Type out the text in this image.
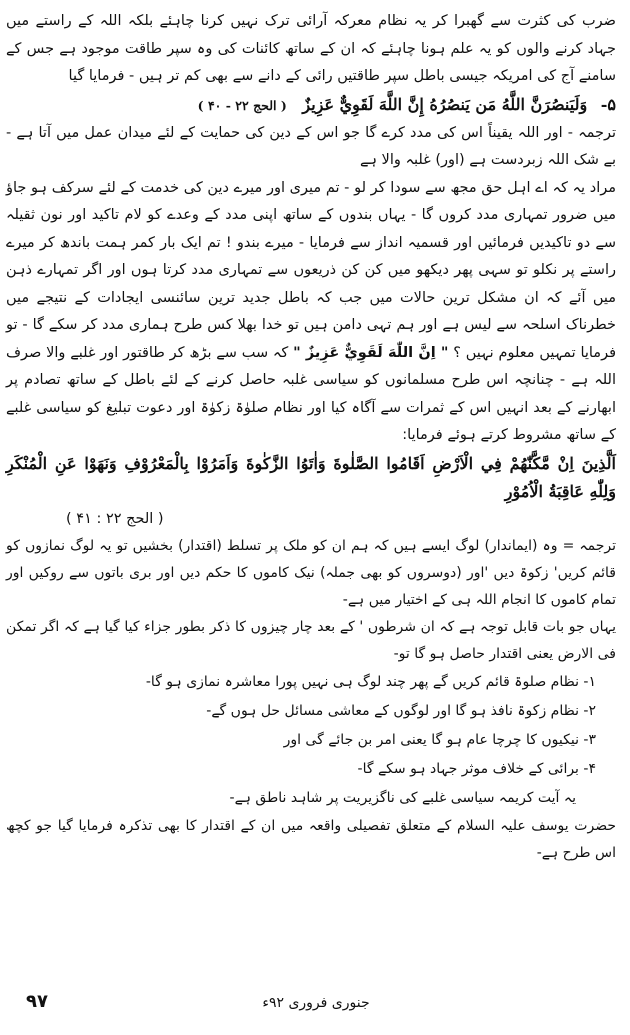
ضرب کی کثرت سے گھبرا کر یہ نظام معرکہ آرائی ترک نہیں کرنا چاہئے بلکہ اللہ کے راستے میں جہاد کرنے والوں کو یہ علم ہونا چاہئے کہ ان کے ساتھ کائنات کی وہ سپر طاقت موجود ہے جس کے سامنے آج کی امریکہ جیسی باطل سپر طاقتیں رائی کے دانے سے بھی کم تر ہیں - فرمایا گیا

۵- وَلَيَنصُرَنَّ اللَّهُ مَن يَنصُرُهُ إِنَّ اللَّهَ لَقَوِيٌّ عَزِيزٌ ( الحج ۲۲ - ۴۰ )

ترجمہ - اور اللہ یقیناً اس کی مدد کرے گا جو اس کے دین کی حمایت کے لئے میدان عمل میں آتا ہے - بے شک اللہ زبردست ہے (اور) غلبہ والا ہے

مراد یہ کہ اے اہل حق مجھ سے سودا کر لو - تم میری اور میرے دین کی خدمت کے لئے سرکف ہو جاؤ میں ضرور تمہاری مدد کروں گا - یہاں بندوں کے ساتھ اپنی مدد کے وعدے کو لام تاکید اور نون ثقیلہ سے دو تاکیدیں فرمائیں اور قسمیہ انداز سے فرمایا - میرے بندو ! تم ایک بار کمر ہمت باندھ کر میرے راستے پر نکلو تو سہی پھر دیکھو میں کن کن ذریعوں سے تمہاری مدد کرتا ہوں اور اگر تمہارے ذہن میں آئے کہ ان مشکل ترین حالات میں جب کہ باطل جدید ترین سائنسی ایجادات کے نتیجے میں خطرناک اسلحہ سے لیس ہے اور ہم تہی دامن ہیں تو خدا بھلا کس طرح ہماری مدد کر سکے گا - تو فرمایا تمہیں معلوم نہیں ؟ " اِنَّ اللّٰهَ لَقَوِيٌّ عَزِيزٌ " کہ سب سے بڑھ کر طاقتور اور غلبے والا صرف اللہ ہے - چنانچہ اس طرح مسلمانوں کو سیاسی غلبہ حاصل کرنے کے لئے باطل کے ساتھ تصادم پر ابھارنے کے بعد انہیں اس کے ثمرات سے آگاہ کیا اور نظام صلوٰۃ زکوٰۃ اور دعوت تبلیغ کو سیاسی غلبے کے ساتھ مشروط کرتے ہوئے فرمایا:

اَلَّذِينَ اِنْ مَّكَّنّٰهُمْ فِي الْاَرْضِ اَقَامُوا الصَّلٰوةَ وَاٰتَوُا الزَّكٰوةَ وَاَمَرُوْا بِالْمَعْرُوْفِ وَنَهَوْا عَنِ الْمُنْكَرِ وَلِلّٰهِ عَاقِبَةُ الْاُمُوْرِ

( الحج ۲۲ : ۴۱ )

ترجمہ = وہ (ایماندار) لوگ ایسے ہیں کہ ہم ان کو ملک پر تسلط (اقتدار) بخشیں تو یہ لوگ نمازوں کو قائم کریں' زکوۃ دیں 'اور (دوسروں کو بھی جملہ) نیک کاموں کا حکم دیں اور بری باتوں سے روکیں اور تمام کاموں کا انجام اللہ ہی کے اختیار میں ہے-

یہاں جو بات قابل توجہ ہے کہ ان شرطوں ' کے بعد چار چیزوں کا ذکر بطور جزاء کیا گیا ہے کہ اگر تمکن فی الارض یعنی اقتدار حاصل ہو گا تو-

۱- نظام صلوۃ قائم کریں گے پھر چند لوگ ہی نہیں پورا معاشرہ نمازی ہو گا-

۲- نظام زکوۃ نافذ ہو گا اور لوگوں کے معاشی مسائل حل ہوں گے-

۳- نیکیوں کا چرچا عام ہو گا یعنی امر بن جائے گی اور

۴- برائی کے خلاف موثر جہاد ہو سکے گا-

یہ آیت کریمہ سیاسی غلبے کی ناگزیریت پر شاہد ناطق ہے-

حضرت یوسف علیہ السلام کے متعلق تفصیلی واقعہ میں ان کے اقتدار کا بھی تذکرہ فرمایا گیا جو کچھ اس طرح ہے-

۹۷	جنوری فروری ۹۲ء
